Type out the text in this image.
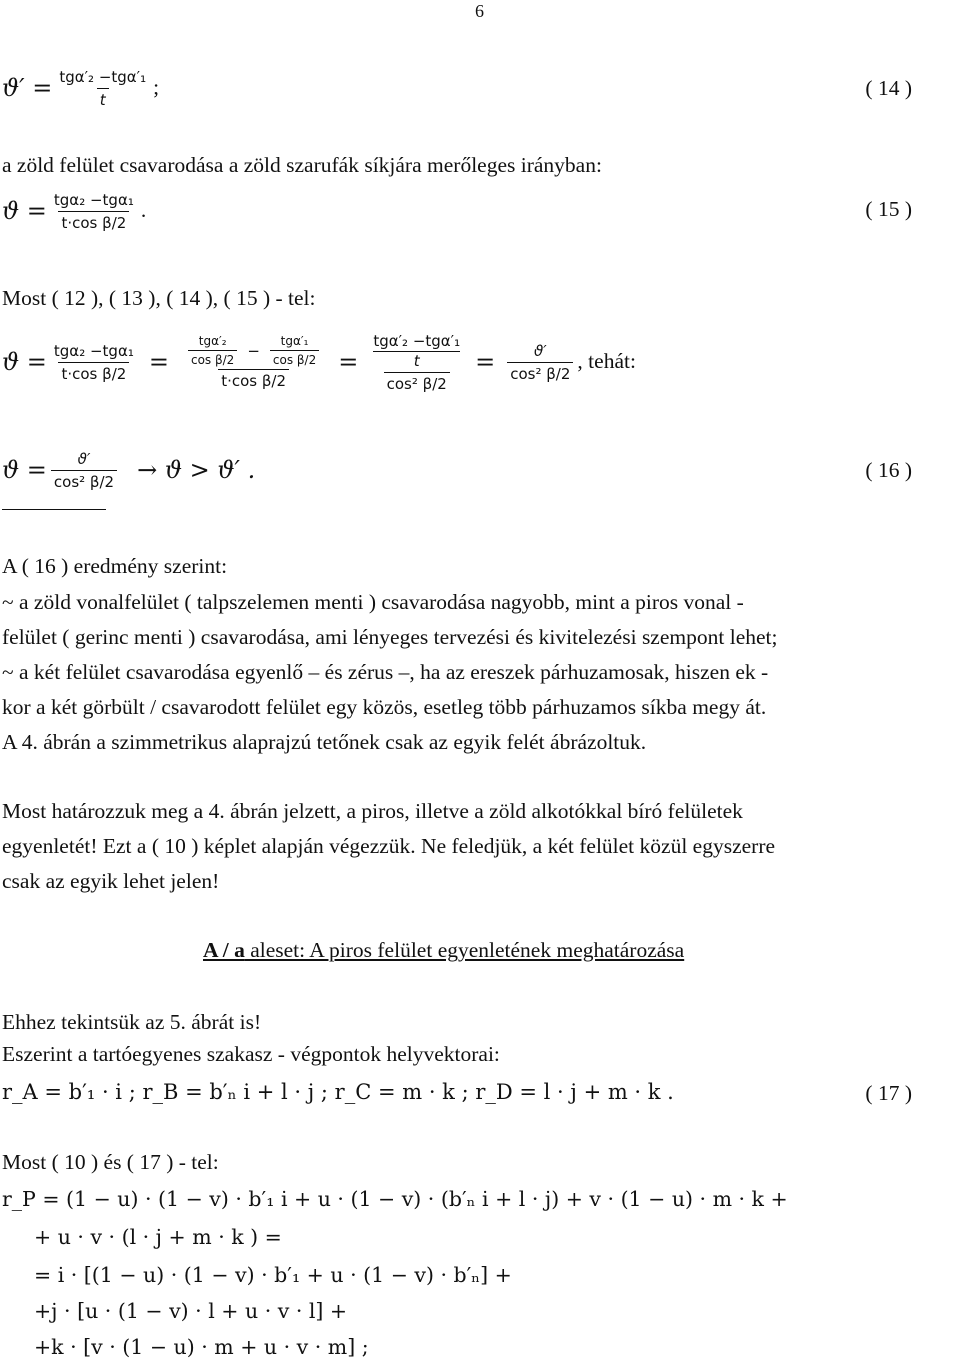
6
$ϑ' = \frac{\text{tgα′₂ −tgα′₁}}{t}$ ;	( 14 )
a zöld felület csavarodása a zöld szarufák síkjára merőleges irányban:
$ϑ = \frac{\text{tgα₂ −tgα₁}}{\text{t·cos β/2}}$ .	( 15 )
Most ( 12 ), ( 13 ), ( 14 ), ( 15 ) - tel:
$ϑ = \frac{\text{tgα₂ −tgα₁}}{\text{t·cos β/2}} = \frac{\frac{\text{tgα′₂}}{\text{cos β/2}} - \frac{\text{tgα′₁}}{\text{cos β/2}}}{\text{t·cos β/2}} = tg\alpha'_2 -tg\alpha'_1$
t
cos² $\beta/2 = \frac{ϑ'}{\text{cos² β/2}}$ , tehát:
$ϑ = \frac{ϑ'}{\text{cos² β/2}} \to ϑ > ϑ'$ .	( 16 )
A ( 16 ) eredmény szerint:
~ a zöld vonalfelület ( talpszelemen menti ) csavarodása nagyobb, mint a piros vonal -
felület ( gerinc menti ) csavarodása, ami lényeges tervezési és kivitelezési szempont lehet;
~ a két felület csavarodása egyenlő – és zérus –, ha az ereszek párhuzamosak, hiszen ek -
kor a két görbült / csavarodott felület egy közös, esetleg több párhuzamos síkba megy át.
A 4. ábrán a szimmetrikus alaprajzú tetőnek csak az egyik felét ábrázoltuk.
Most határozzuk meg a 4. ábrán jelzett, a piros, illetve a zöld alkotókkal bíró felületek
egyenletét! Ezt a ( 10 ) képlet alapján végezzük. Ne feledjük, a két felület közül egyszerre
csak az egyik lehet jelen!
A / a aleset: A piros felület egyenletének meghatározása
Ehhez tekintsük az 5. ábrát is!
Eszerint a tartóegyenes szakasz - végpontok helyvektorai:
r_A = b′₁ · i ; r_B = b′ₙ i + l · j ; r_C = m · k ; r_D = l · j + m · k .	( 17 )
Most ( 10 ) és ( 17 ) - tel:
r_P = (1 − u) · (1 − v) · b′₁ i + u · (1 − v) · (b′ₙ i + l · j) + v · (1 − u) · m · k +
+ u · v · (l · j + m · k ) =
= i · [(1 − u) · (1 − v) · b′₁ + u · (1 − v) · b′ₙ] +
+j · [u · (1 − v) · l + u · v · l] +
+k · [v · (1 − u) · m + u · v · m] ;
